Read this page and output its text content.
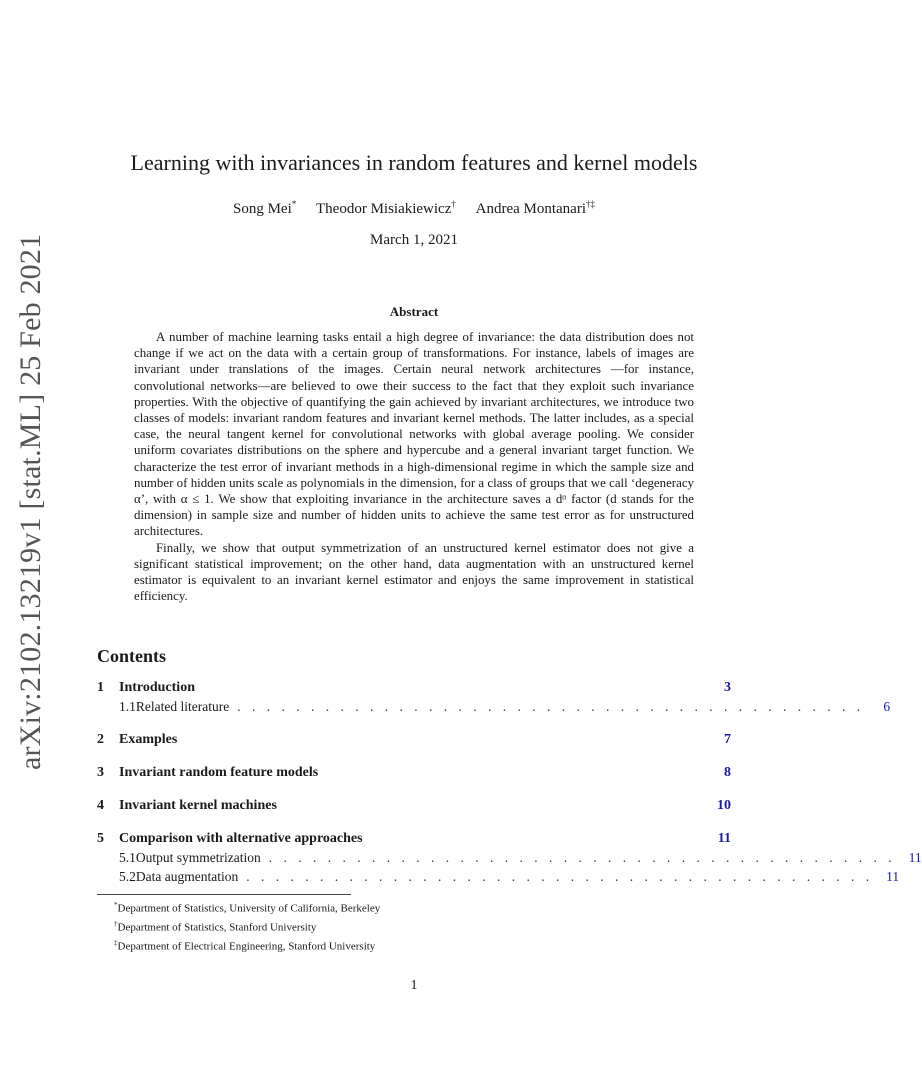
arXiv:2102.13219v1 [stat.ML] 25 Feb 2021
Learning with invariances in random features and kernel models
Song Mei* Theodor Misiakiewicz† Andrea Montanari†‡
March 1, 2021
Abstract

A number of machine learning tasks entail a high degree of invariance: the data distribution does not change if we act on the data with a certain group of transformations. For instance, labels of images are invariant under translations of the images. Certain neural network architectures —for instance, convolutional networks—are believed to owe their success to the fact that they exploit such invariance properties. With the objective of quantifying the gain achieved by invariant architectures, we introduce two classes of models: invariant random features and invariant kernel methods. The latter includes, as a special case, the neural tangent kernel for convolutional networks with global average pooling. We consider uniform covariates distributions on the sphere and hypercube and a general invariant target function. We characterize the test error of invariant methods in a high-dimensional regime in which the sample size and number of hidden units scale as polynomials in the dimension, for a class of groups that we call ‘degeneracy α’, with α ≤ 1. We show that exploiting invariance in the architecture saves a dᵅ factor (d stands for the dimension) in sample size and number of hidden units to achieve the same test error as for unstructured architectures.

Finally, we show that output symmetrization of an unstructured kernel estimator does not give a significant statistical improvement; on the other hand, data augmentation with an unstructured kernel estimator is equivalent to an invariant kernel estimator and enjoys the same improvement in statistical efficiency.

Contents
1	Introduction	3
1.1 Related literature . . . . . . . . . . . . . . . . . . . . . . . . . . . . . . . . . . . . . . . . . . .	6
2	Examples	7
3	Invariant random feature models	8
4	Invariant kernel machines	10
5	Comparison with alternative approaches	11
5.1 Output symmetrization . . . . . . . . . . . . . . . . . . . . . . . . . . . . . . . . . . . . . . . . . . . 11
5.2 Data augmentation . . . . . . . . . . . . . . . . . . . . . . . . . . . . . . . . . . . . . . . . . . . 11
*Department of Statistics, University of California, Berkeley
†Department of Statistics, Stanford University
‡Department of Electrical Engineering, Stanford University
1
